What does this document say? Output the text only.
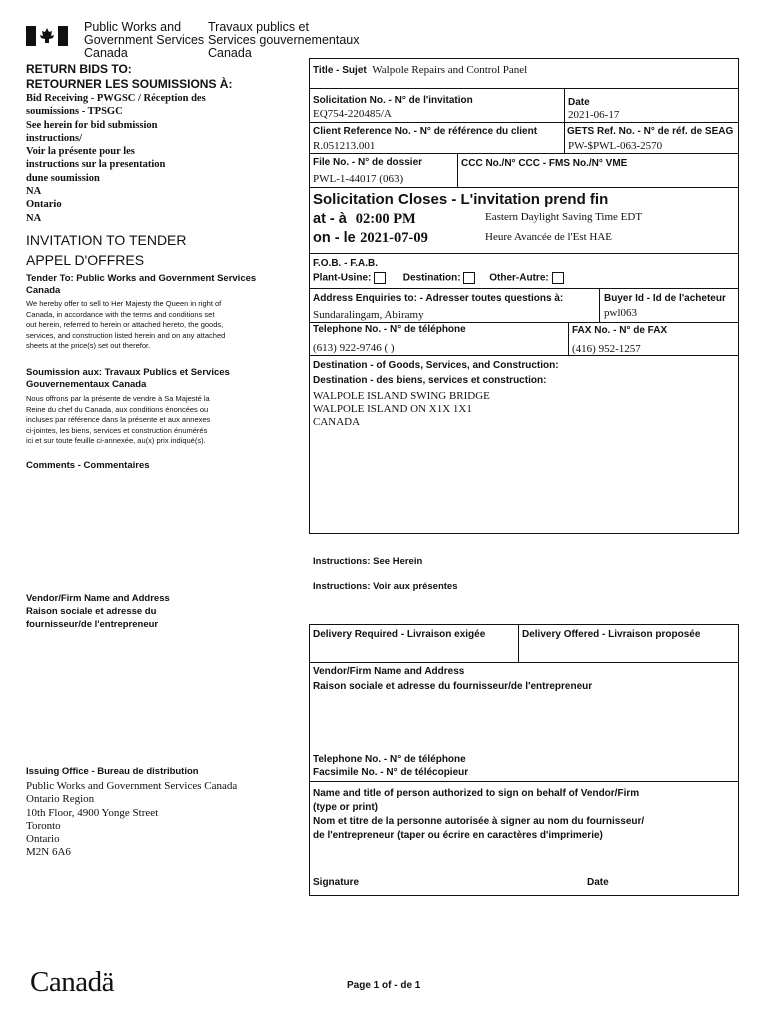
Public Works and
Government Services
Canada
Travaux publics et
Services gouvernementaux
Canada
RETURN BIDS TO:
RETOURNER LES SOUMISSIONS À:
Bid Receiving - PWGSC / Réception des
soumissions - TPSGC
See herein for bid submission
instructions/
Voir la présente pour les
instructions sur la presentation
dune soumission
NA
Ontario
NA
INVITATION TO TENDER
APPEL D'OFFRES
Tender To: Public Works and Government Services
Canada
We hereby offer to sell to Her Majesty the Queen in right of
Canada, in accordance with the terms and conditions set
out herein, referred to herein or attached hereto, the goods,
services, and construction listed herein and on any attached
sheets at the price(s) set out therefor.
Soumission aux: Travaux Publics et Services
Gouvernementaux Canada
Nous offrons par la présente de vendre à Sa Majesté la
Reine du chef du Canada, aux conditions énoncées ou
incluses par référence dans la présente et aux annexes
ci-jointes, les biens, services et construction énumérés
ici et sur toute feuille ci-annexée, au(x) prix indiqué(s).
Comments - Commentaires
Vendor/Firm Name and Address
Raison sociale et adresse du
fournisseur/de l'entrepreneur
Issuing Office - Bureau de distribution
Public Works and Government Services Canada
Ontario Region
10th Floor, 4900 Yonge Street
Toronto
Ontario
M2N 6A6
Title - Sujet Walpole Repairs and Control Panel
Solicitation No. - N° de l'invitation
EQ754-220485/A
Date
2021-06-17
Client Reference No. - N° de référence du client
R.051213.001
GETS Ref. No. - N° de réf. de SEAG
PW-$PWL-063-2570
File No. - N° de dossier
PWL-1-44017 (063)
CCC No./N° CCC - FMS No./N° VME
Solicitation Closes - L'invitation prend fin
at - à 02:00 PM
on - le 2021-07-09
Eastern Daylight Saving Time EDT
Heure Avancée de l'Est HAE
F.O.B. - F.A.B.
Plant-Usine:	Destination:	Other-Autre:
Address Enquiries to: - Adresser toutes questions à:
Sundaralingam, Abiramy
Buyer Id - Id de l'acheteur
pwl063
Telephone No. - N° de téléphone
(613) 922-9746 ( )
FAX No. - N° de FAX
(416) 952-1257
Destination - of Goods, Services, and Construction:
Destination - des biens, services et construction:
WALPOLE ISLAND SWING BRIDGE
WALPOLE ISLAND ON X1X 1X1
CANADA
Instructions: See Herein
Instructions: Voir aux présentes
Delivery Required - Livraison exigée	Delivery Offered - Livraison proposée
Vendor/Firm Name and Address
Raison sociale et adresse du fournisseur/de l'entrepreneur
Telephone No. - N° de téléphone
Facsimile No. - N° de télécopieur
Name and title of person authorized to sign on behalf of Vendor/Firm
(type or print)
Nom et titre de la personne autorisée à signer au nom du fournisseur/
de l'entrepreneur (taper ou écrire en caractères d'imprimerie)
Signature	Date
Canadä	Page 1 of - de 1
